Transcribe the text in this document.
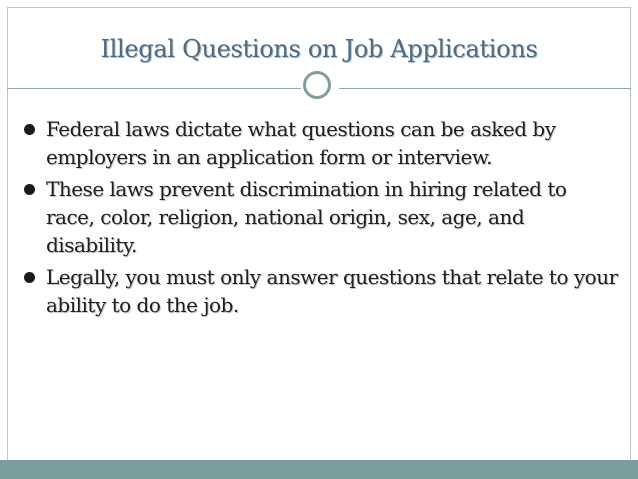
Illegal Questions on Job Applications
Federal laws dictate what questions can be asked by employers in an application form or interview.
These laws prevent discrimination in hiring related to race, color, religion, national origin, sex, age, and disability.
Legally, you must only answer questions that relate to your ability to do the job.
